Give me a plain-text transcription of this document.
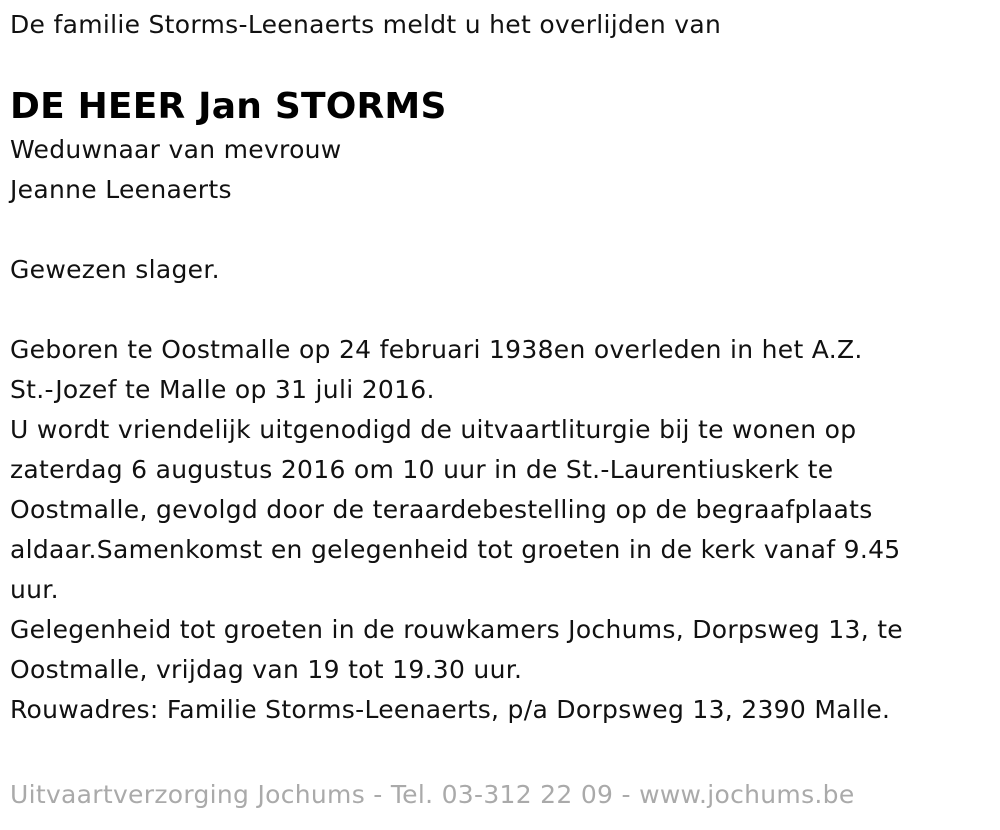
De familie Storms-Leenaerts meldt u het overlijden van
DE HEER Jan STORMS
Weduwnaar van mevrouw
Jeanne Leenaerts
Gewezen slager.
Geboren te Oostmalle op 24 februari 1938en overleden in het A.Z.
St.-Jozef te Malle op 31 juli 2016.
U wordt vriendelijk uitgenodigd de uitvaartliturgie bij te wonen op
zaterdag 6 augustus 2016 om 10 uur in de St.-Laurentiuskerk te
Oostmalle, gevolgd door de teraardebestelling op de begraafplaats
aldaar.Samenkomst en gelegenheid tot groeten in de kerk vanaf 9.45
uur.
Gelegenheid tot groeten in de rouwkamers Jochums, Dorpsweg 13, te
Oostmalle, vrijdag van 19 tot 19.30 uur.
Rouwadres: Familie Storms-Leenaerts, p/a Dorpsweg 13, 2390 Malle.
Uitvaartverzorging Jochums - Tel. 03-312 22 09 - www.jochums.be
